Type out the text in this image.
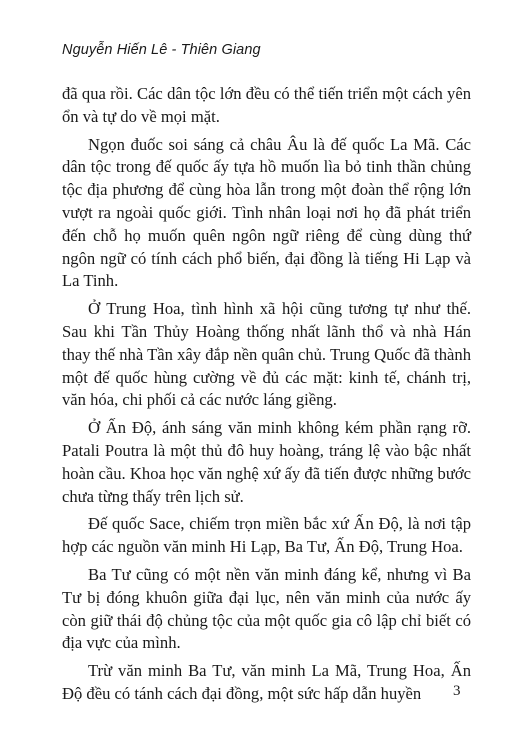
Nguyễn Hiến Lê - Thiên Giang

đã qua rồi. Các dân tộc lớn đều có thể tiến triển một cách yên ổn và tự do về mọi mặt.

Ngọn đuốc soi sáng cả châu Âu là đế quốc La Mã. Các dân tộc trong đế quốc ấy tựa hồ muốn lìa bỏ tinh thần chủng tộc địa phương để cùng hòa lẫn trong một đoàn thể rộng lớn vượt ra ngoài quốc giới. Tình nhân loại nơi họ đã phát triển đến chỗ họ muốn quên ngôn ngữ riêng để cùng dùng thứ ngôn ngữ có tính cách phổ biến, đại đồng là tiếng Hi Lạp và La Tinh.

Ở Trung Hoa, tình hình xã hội cũng tương tự như thế. Sau khi Tần Thủy Hoàng thống nhất lãnh thổ và nhà Hán thay thế nhà Tần xây đắp nền quân chủ. Trung Quốc đã thành một đế quốc hùng cường về đủ các mặt: kinh tế, chánh trị, văn hóa, chi phối cả các nước láng giềng.

Ở Ấn Độ, ánh sáng văn minh không kém phần rạng rỡ. Patali Poutra là một thủ đô huy hoàng, tráng lệ vào bậc nhất hoàn cầu. Khoa học văn nghệ xứ ấy đã tiến được những bước chưa từng thấy trên lịch sử.

Đế quốc Sace, chiếm trọn miền bắc xứ Ấn Độ, là nơi tập hợp các nguồn văn minh Hi Lạp, Ba Tư, Ấn Độ, Trung Hoa.

Ba Tư cũng có một nền văn minh đáng kể, nhưng vì Ba Tư bị đóng khuôn giữa đại lục, nên văn minh của nước ấy còn giữ thái độ chủng tộc của một quốc gia cô lập chỉ biết có địa vực của mình.

Trừ văn minh Ba Tư, văn minh La Mã, Trung Hoa, Ấn Độ đều có tánh cách đại đồng, một sức hấp dẫn huyền	3
